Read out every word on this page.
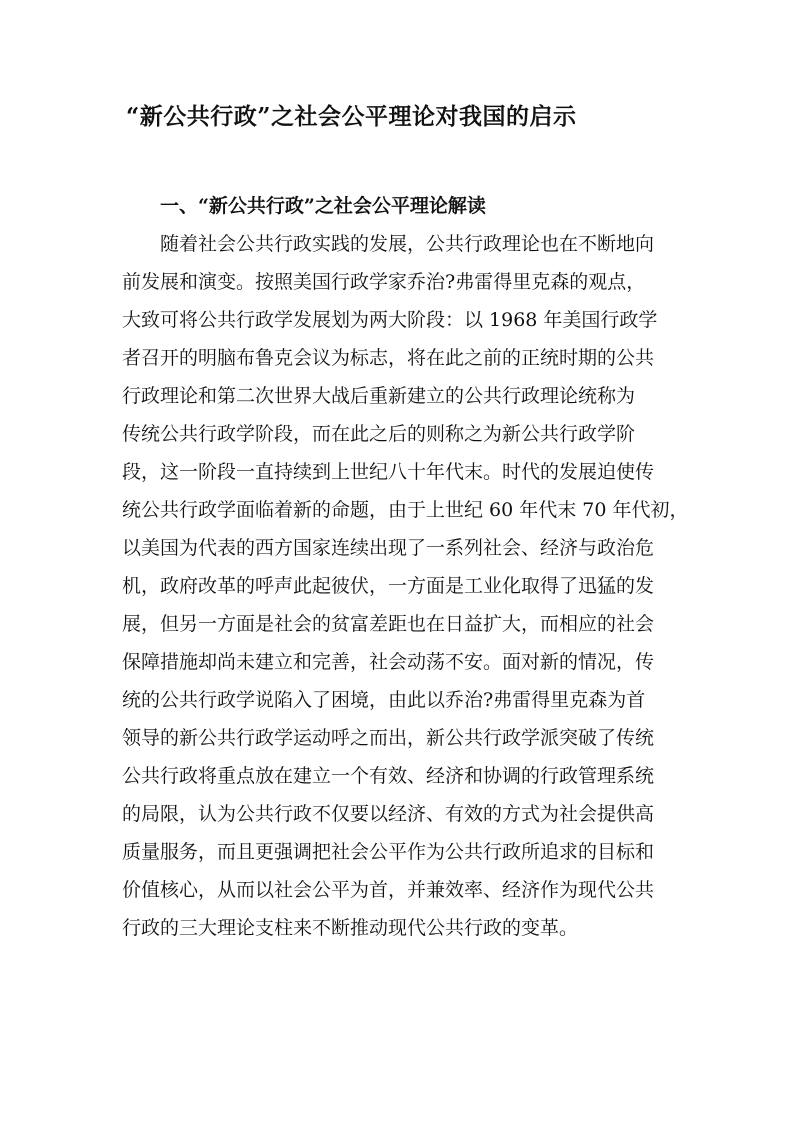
“新公共行政”之社会公平理论对我国的启示
一、“新公共行政”之社会公平理论解读

随着社会公共行政实践的发展，公共行政理论也在不断地向

前发展和演变。按照美国行政学家乔治?弗雷得里克森的观点，

大致可将公共行政学发展划为两大阶段：以 1968 年美国行政学

者召开的明脑布鲁克会议为标志，将在此之前的正统时期的公共

行政理论和第二次世界大战后重新建立的公共行政理论统称为

传统公共行政学阶段，而在此之后的则称之为新公共行政学阶

段，这一阶段一直持续到上世纪八十年代末。时代的发展迫使传

统公共行政学面临着新的命题，由于上世纪 60 年代末 70 年代初，

以美国为代表的西方国家连续出现了一系列社会、经济与政治危

机，政府改革的呼声此起彼伏，一方面是工业化取得了迅猛的发

展，但另一方面是社会的贫富差距也在日益扩大，而相应的社会

保障措施却尚未建立和完善，社会动荡不安。面对新的情况，传

统的公共行政学说陷入了困境，由此以乔治?弗雷得里克森为首

领导的新公共行政学运动呼之而出，新公共行政学派突破了传统

公共行政将重点放在建立一个有效、经济和协调的行政管理系统

的局限，认为公共行政不仅要以经济、有效的方式为社会提供高

质量服务，而且更强调把社会公平作为公共行政所追求的目标和

价值核心，从而以社会公平为首，并兼效率、经济作为现代公共

行政的三大理论支柱来不断推动现代公共行政的变革。
